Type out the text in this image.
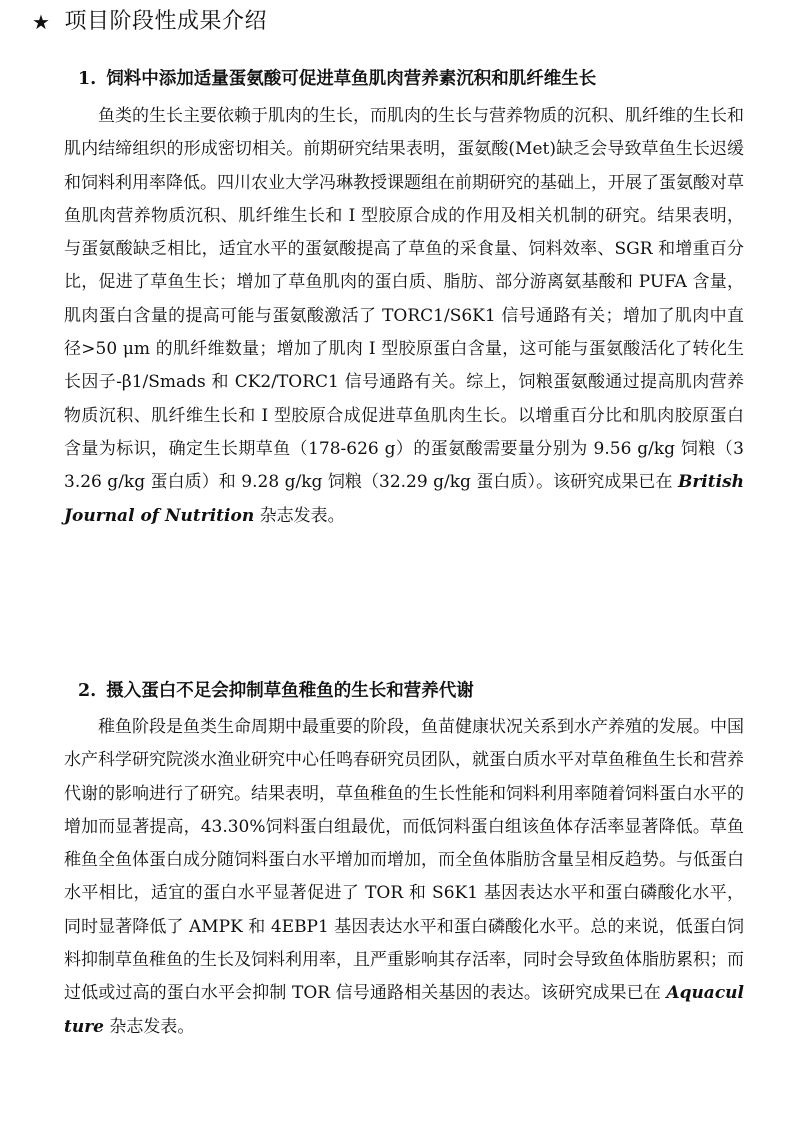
★ 项目阶段性成果介绍
1. 饲料中添加适量蛋氨酸可促进草鱼肌肉营养素沉积和肌纤维生长

鱼类的生长主要依赖于肌肉的生长，而肌肉的生长与营养物质的沉积、肌纤维的生长和肌内结缔组织的形成密切相关。前期研究结果表明，蛋氨酸(Met)缺乏会导致草鱼生长迟缓和饲料利用率降低。四川农业大学冯琳教授课题组在前期研究的基础上，开展了蛋氨酸对草鱼肌肉营养物质沉积、肌纤维生长和 I 型胶原合成的作用及相关机制的研究。结果表明，与蛋氨酸缺乏相比，适宜水平的蛋氨酸提高了草鱼的采食量、饲料效率、SGR 和增重百分比，促进了草鱼生长；增加了草鱼肌肉的蛋白质、脂肪、部分游离氨基酸和 PUFA 含量，肌肉蛋白含量的提高可能与蛋氨酸激活了 TORC1/S6K1 信号通路有关；增加了肌肉中直径>50 μm 的肌纤维数量；增加了肌肉 I 型胶原蛋白含量，这可能与蛋氨酸活化了转化生长因子-β1/Smads 和 CK2/TORC1 信号通路有关。综上，饲粮蛋氨酸通过提高肌肉营养物质沉积、肌纤维生长和 I 型胶原合成促进草鱼肌肉生长。以增重百分比和肌肉胶原蛋白含量为标识，确定生长期草鱼（178-626 g）的蛋氨酸需要量分别为 9.56 g/kg 饲粮（33.26 g/kg 蛋白质）和 9.28 g/kg 饲粮（32.29 g/kg 蛋白质）。该研究成果已在 British Journal of Nutrition 杂志发表。

2. 摄入蛋白不足会抑制草鱼稚鱼的生长和营养代谢

稚鱼阶段是鱼类生命周期中最重要的阶段，鱼苗健康状况关系到水产养殖的发展。中国水产科学研究院淡水渔业研究中心任鸣春研究员团队，就蛋白质水平对草鱼稚鱼生长和营养代谢的影响进行了研究。结果表明，草鱼稚鱼的生长性能和饲料利用率随着饲料蛋白水平的增加而显著提高，43.30%饲料蛋白组最优，而低饲料蛋白组该鱼体存活率显著降低。草鱼稚鱼全鱼体蛋白成分随饲料蛋白水平增加而增加，而全鱼体脂肪含量呈相反趋势。与低蛋白水平相比，适宜的蛋白水平显著促进了 TOR 和 S6K1 基因表达水平和蛋白磷酸化水平，同时显著降低了 AMPK 和 4EBP1 基因表达水平和蛋白磷酸化水平。总的来说，低蛋白饲料抑制草鱼稚鱼的生长及饲料利用率，且严重影响其存活率，同时会导致鱼体脂肪累积；而过低或过高的蛋白水平会抑制 TOR 信号通路相关基因的表达。该研究成果已在 Aquaculture 杂志发表。
